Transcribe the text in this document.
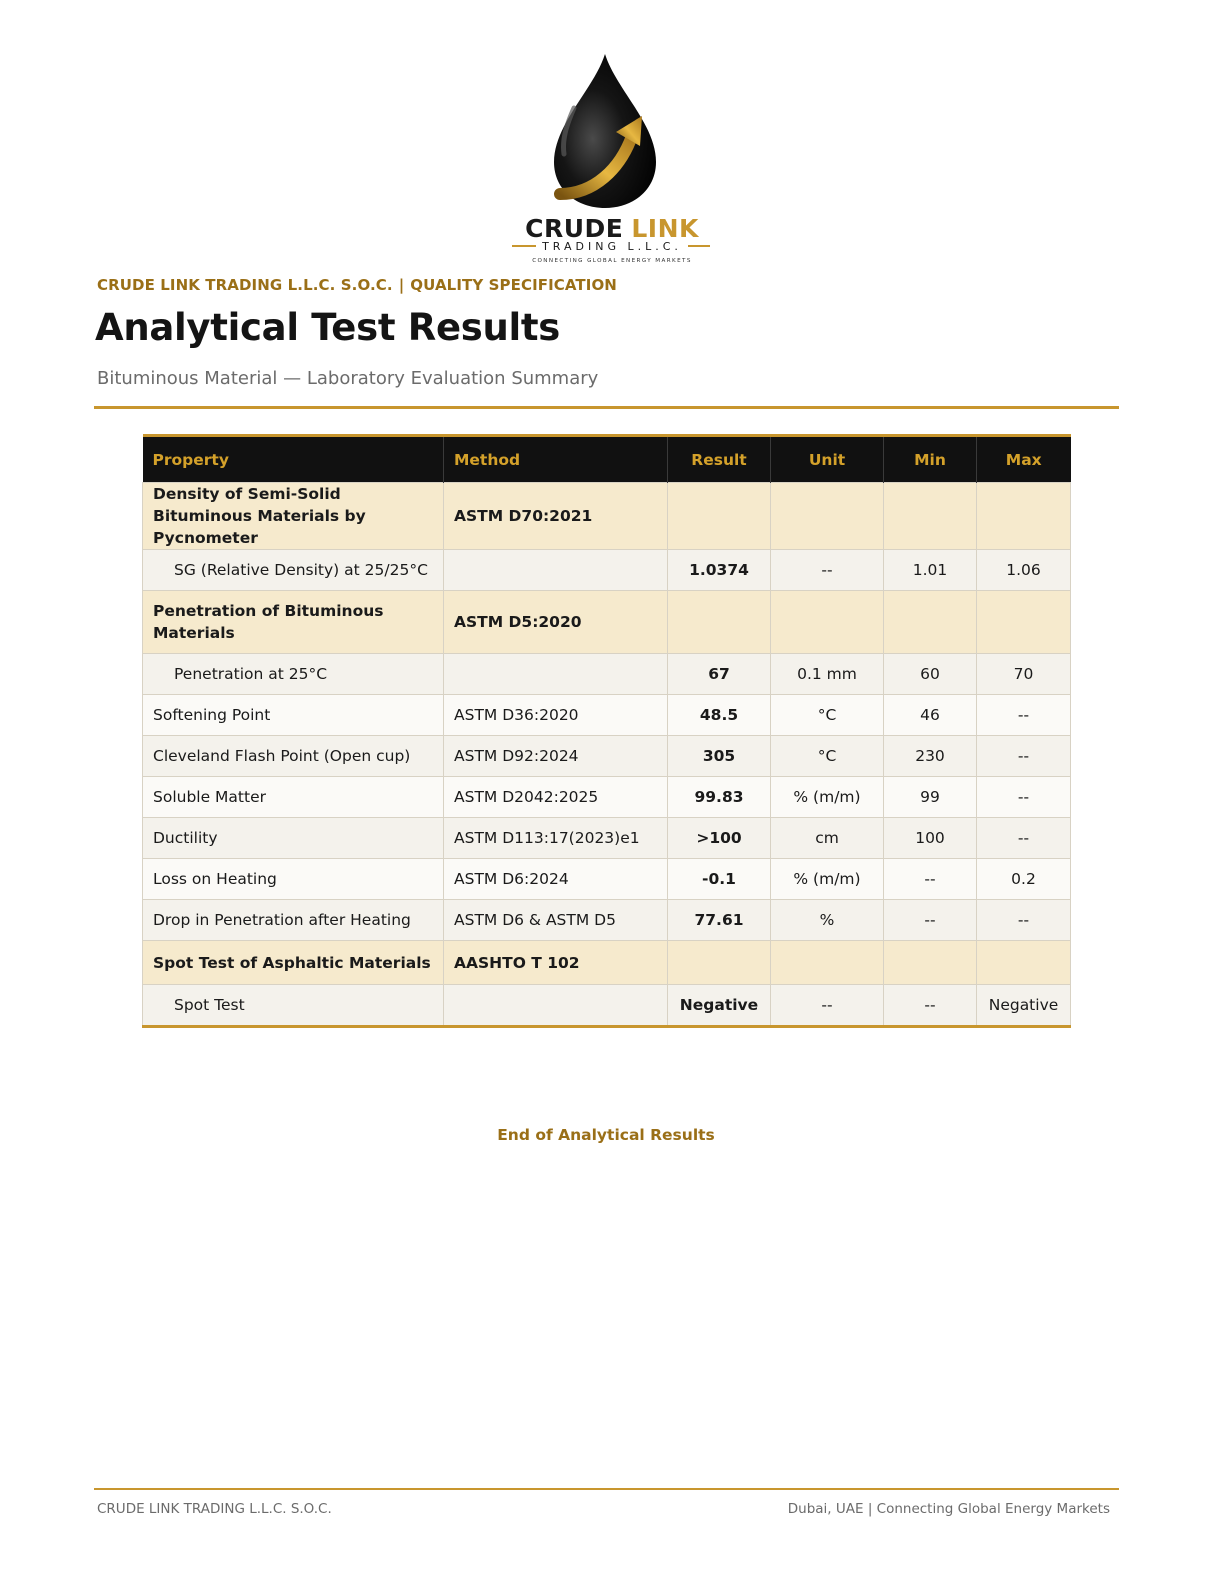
CRUDE LINK
TRADING L.L.C.
CONNECTING GLOBAL ENERGY MARKETS
CRUDE LINK TRADING L.L.C. S.O.C. | QUALITY SPECIFICATION
Analytical Test Results
Bituminous Material — Laboratory Evaluation Summary
Property	Method	Result	Unit	Min	Max
Density of Semi-Solid Bituminous Materials by Pycnometer	ASTM D70:2021				
SG (Relative Density) at 25/25°C		1.0374	--	1.01	1.06
Penetration of Bituminous Materials	ASTM D5:2020				
Penetration at 25°C		67	0.1 mm	60	70
Softening Point	ASTM D36:2020	48.5	°C	46	--
Cleveland Flash Point (Open cup)	ASTM D92:2024	305	°C	230	--
Soluble Matter	ASTM D2042:2025	99.83	% (m/m)	99	--
Ductility	ASTM D113:17(2023)e1	>100	cm	100	--
Loss on Heating	ASTM D6:2024	-0.1	% (m/m)	--	0.2
Drop in Penetration after Heating	ASTM D6 & ASTM D5	77.61	%	--	--
Spot Test of Asphaltic Materials	AASHTO T 102				
Spot Test		Negative	--	--	Negative
End of Analytical Results
CRUDE LINK TRADING L.L.C. S.O.C.	Dubai, UAE | Connecting Global Energy Markets
